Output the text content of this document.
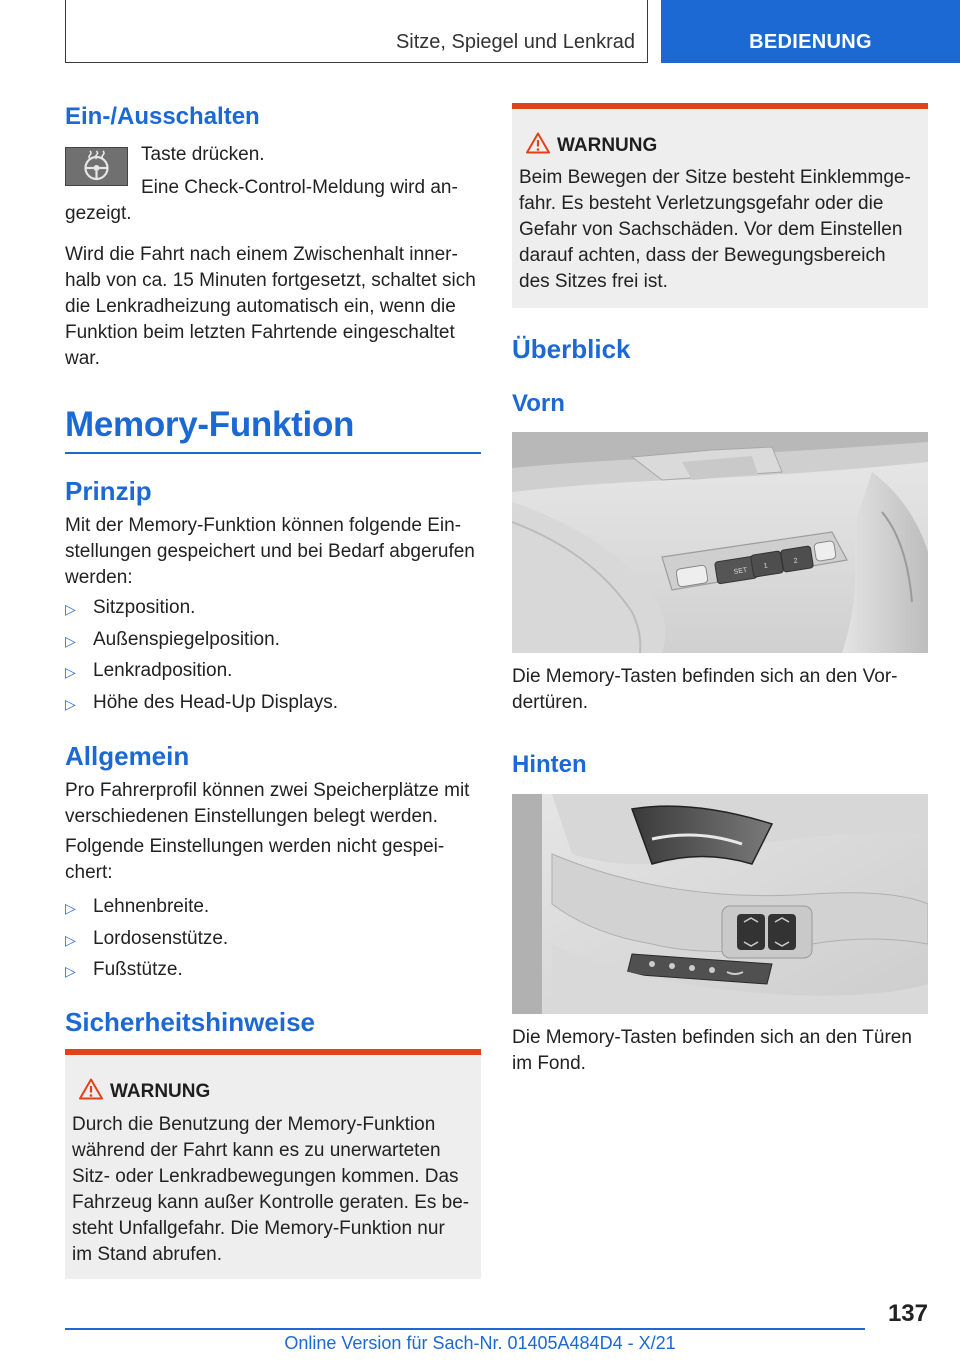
Sitze, Spiegel und Lenkrad	BEDIENUNG
Ein-/Ausschalten
Taste drücken.
Eine Check-Control-Meldung wird an-
gezeigt.
Wird die Fahrt nach einem Zwischenhalt inner-
halb von ca. 15 Minuten fortgesetzt, schaltet sich
die Lenkradheizung automatisch ein, wenn die
Funktion beim letzten Fahrtende eingeschaltet
war.
Memory-Funktion
Prinzip
Mit der Memory-Funktion können folgende Ein-
stellungen gespeichert und bei Bedarf abgerufen
werden:
▷ Sitzposition.
▷ Außenspiegelposition.
▷ Lenkradposition.
▷ Höhe des Head-Up Displays.
Allgemein
Pro Fahrerprofil können zwei Speicherplätze mit
verschiedenen Einstellungen belegt werden.
Folgende Einstellungen werden nicht gespei-
chert:
▷ Lehnenbreite.
▷ Lordosenstütze.
▷ Fußstütze.
Sicherheitshinweise
WARNUNG
Durch die Benutzung der Memory-Funktion
während der Fahrt kann es zu unerwarteten
Sitz- oder Lenkradbewegungen kommen. Das
Fahrzeug kann außer Kontrolle geraten. Es be-
steht Unfallgefahr. Die Memory-Funktion nur
im Stand abrufen.
WARNUNG
Beim Bewegen der Sitze besteht Einklemmge-
fahr. Es besteht Verletzungsgefahr oder die
Gefahr von Sachschäden. Vor dem Einstellen
darauf achten, dass der Bewegungsbereich
des Sitzes frei ist.
Überblick
Vorn
SET
1
2
Die Memory-Tasten befinden sich an den Vor-
dertüren.
Hinten
Die Memory-Tasten befinden sich an den Türen
im Fond.
137
Online Version für Sach-Nr. 01405A484D4 - X/21
